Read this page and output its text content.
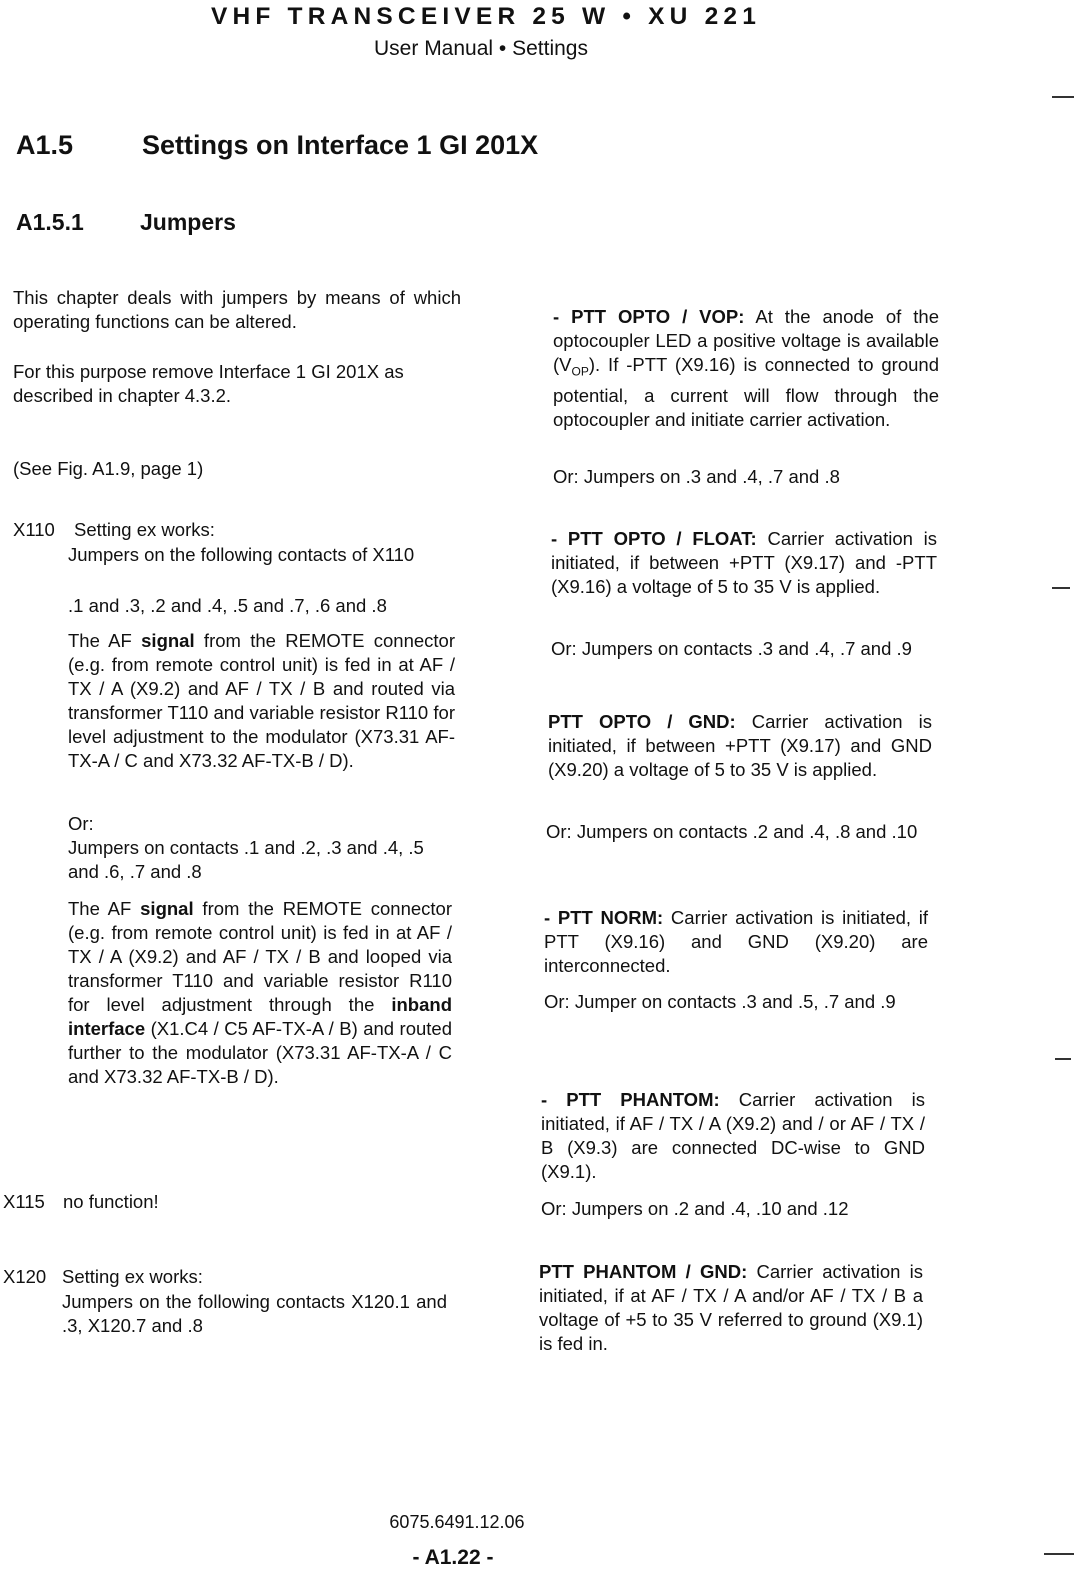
VHF TRANSCEIVER 25 W • XU 221
User Manual • Settings
A1.5	Settings on Interface 1 GI 201X
A1.5.1 Jumpers

This chapter deals with jumpers by means of which operating functions can be altered.

For this purpose remove Interface 1 GI 201X as described in chapter 4.3.2.

(See Fig. A1.9, page 1)

X110 Setting ex works:

Jumpers on the following contacts of X110

.1 and .3, .2 and .4, .5 and .7, .6 and .8

The AF signal from the REMOTE connector (e.g. from remote control unit) is fed in at AF / TX / A (X9.2) and AF / TX / B and routed via transformer T110 and variable resistor R110 for level adjustment to the modulator (X73.31 AF-TX-A / C and X73.32 AF-TX-B / D).

Or:

Jumpers on contacts .1 and .2, .3 and .4, .5 and .6, .7 and .8

The AF signal from the REMOTE connector (e.g. from remote control unit) is fed in at AF / TX / A (X9.2) and AF / TX / B and looped via transformer T110 and variable resistor R110 for level adjustment through the inband interface (X1.C4 / C5 AF-TX-A / B) and routed further to the modulator (X73.31 AF-TX-A / C and X73.32 AF-TX-B / D).

X115 no function!
X120 Setting ex works:

Jumpers on the following contacts X120.1 and .3, X120.7 and .8

- PTT OPTO / VOP: At the anode of the optocoupler LED a positive voltage is available $(V_{OP})$. If -PTT (X9.16) is connected to ground potential, a current will flow through the optocoupler and initiate carrier activation.

Or: Jumpers on .3 and .4, .7 and .8

- PTT OPTO / FLOAT: Carrier activation is initiated, if between +PTT (X9.17) and -PTT (X9.16) a voltage of 5 to 35 V is applied.

Or: Jumpers on contacts .3 and .4, .7 and .9

PTT OPTO / GND: Carrier activation is initiated, if between +PTT (X9.17) and GND (X9.20) a voltage of 5 to 35 V is applied.

Or: Jumpers on contacts .2 and .4, .8 and .10

- PTT NORM: Carrier activation is initiated, if PTT (X9.16) and GND (X9.20) are interconnected.

Or: Jumper on contacts .3 and .5, .7 and .9

- PTT PHANTOM: Carrier activation is initiated, if AF / TX / A (X9.2) and / or AF / TX / B (X9.3) are connected DC-wise to GND (X9.1).

Or: Jumpers on .2 and .4, .10 and .12

PTT PHANTOM / GND: Carrier activation is initiated, if at AF / TX / A and/or AF / TX / B a voltage of +5 to 35 V referred to ground (X9.1) is fed in.

6075.6491.12.06
- A1.22 -
